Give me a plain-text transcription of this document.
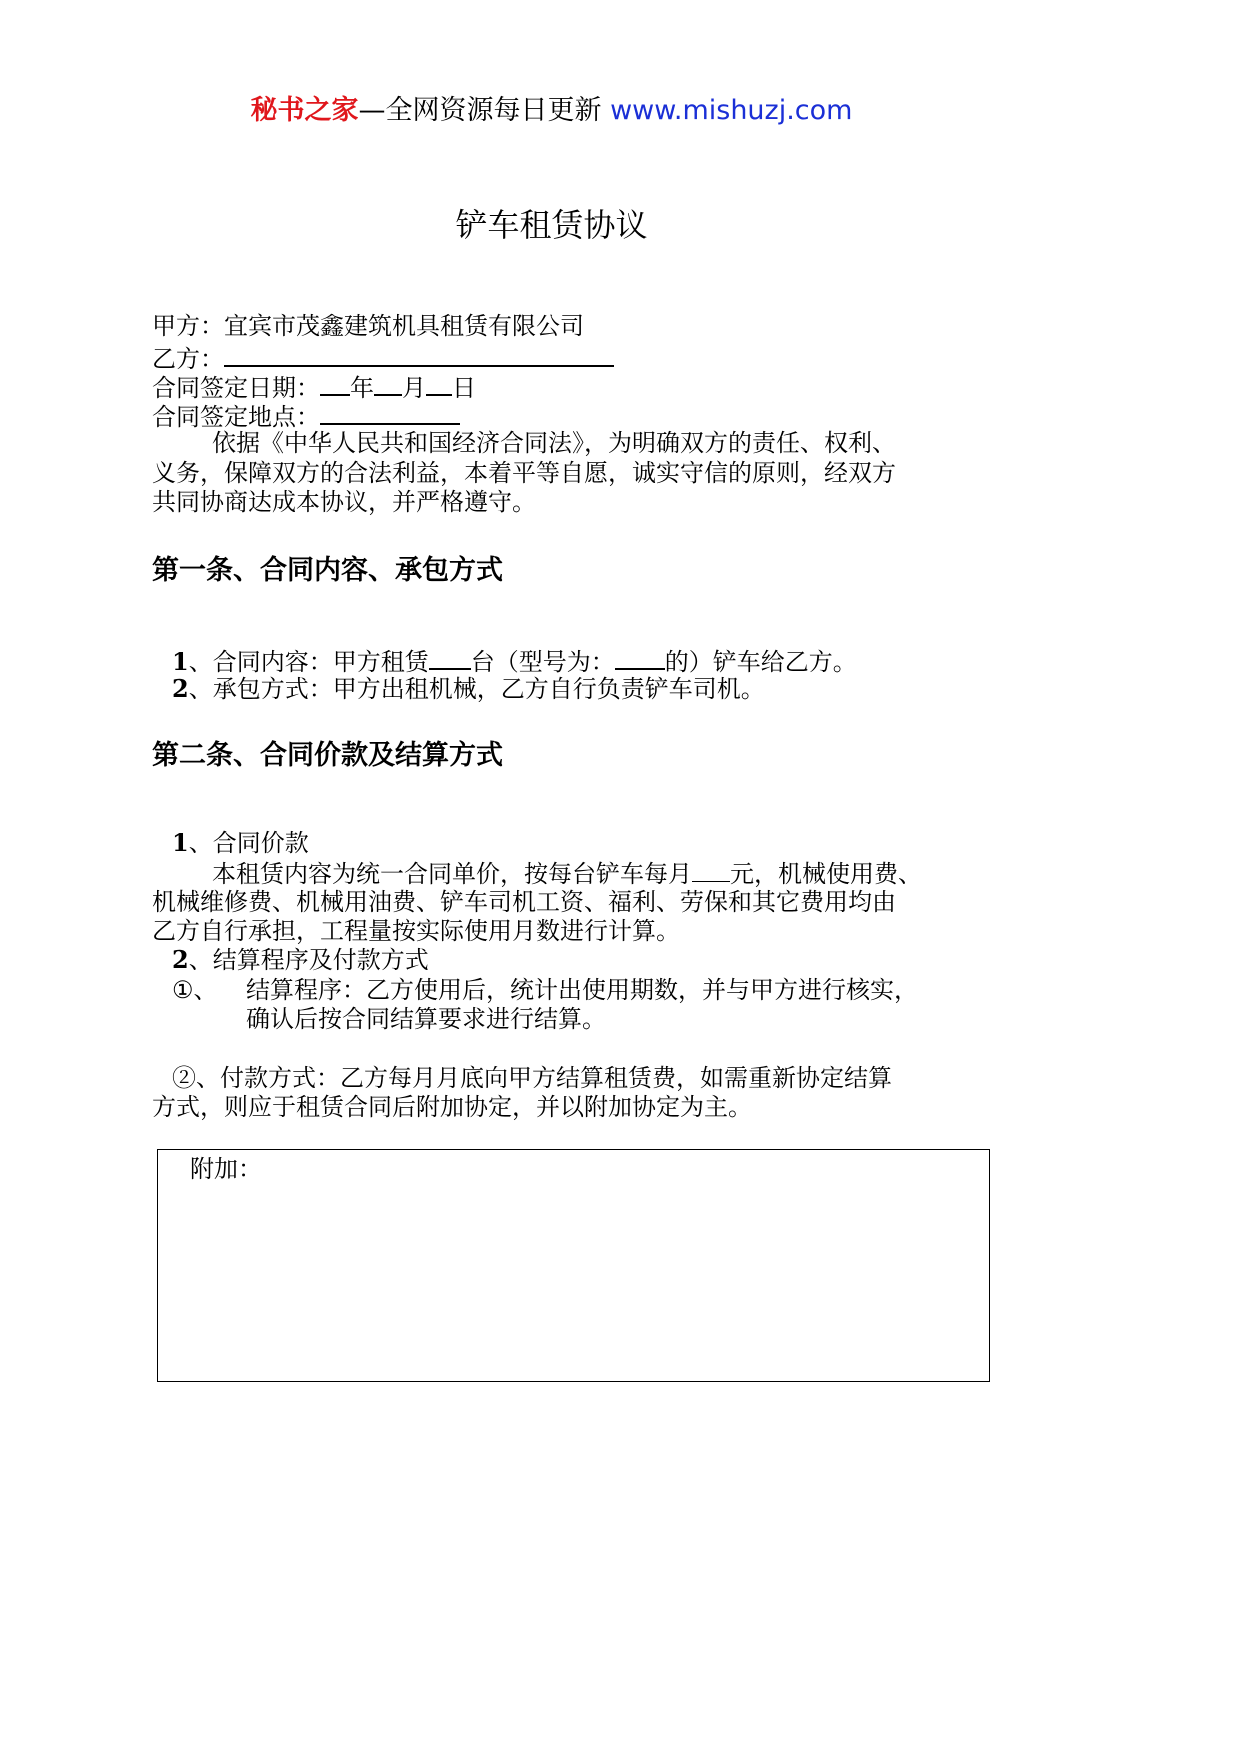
秘书之家—全网资源每日更新 www.mishuzj.com
铲车租赁协议
甲方：宜宾市茂鑫建筑机具租赁有限公司
乙方：
合同签定日期： 年 月 日
合同签定地点：
依据《中华人民共和国经济合同法》，为明确双方的责任、权利、
义务，保障双方的合法利益，本着平等自愿，诚实守信的原则，经双方
共同协商达成本协议，并严格遵守。
第一条、合同内容、承包方式
1、合同内容：甲方租赁 台（型号为： 的）铲车给乙方。
2、承包方式：甲方出租机械，乙方自行负责铲车司机。
第二条、合同价款及结算方式
1、合同价款
本租赁内容为统一合同单价，按每台铲车每月 元，机械使用费、
机械维修费、机械用油费、铲车司机工资、福利、劳保和其它费用均由
乙方自行承担，工程量按实际使用月数进行计算。
2、结算程序及付款方式
①、 结算程序：乙方使用后，统计出使用期数，并与甲方进行核实，
确认后按合同结算要求进行结算。
②、付款方式：乙方每月月底向甲方结算租赁费，如需重新协定结算
方式，则应于租赁合同后附加协定，并以附加协定为主。
附加：
